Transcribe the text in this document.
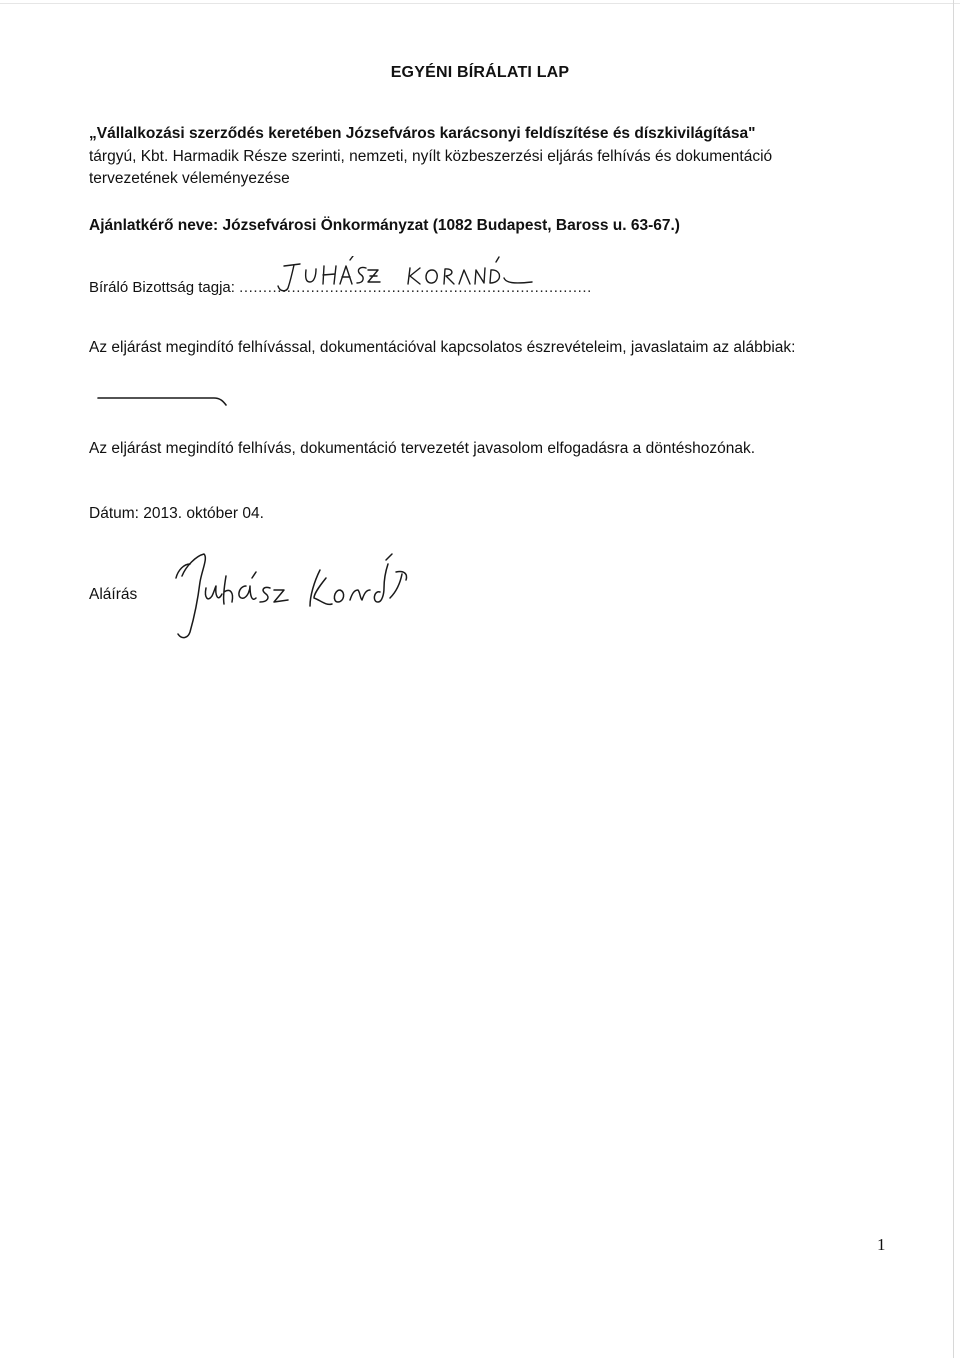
EGYÉNI BÍRÁLATI LAP

„Vállalkozási szerződés keretében Józsefváros karácsonyi feldíszítése és díszkivilágítása"

tárgyú, Kbt. Harmadik Része szerinti, nemzeti, nyílt közbeszerzési eljárás felhívás és dokumentáció

tervezetének véleményezése

Ajánlatkérő neve: Józsefvárosi Önkormányzat (1082 Budapest, Baross u. 63-67.)

Bíráló Bizottság tagja: ..........................................................................

Az eljárást megindító felhívással, dokumentációval kapcsolatos észrevételeim, javaslataim az alábbiak:

Az eljárást megindító felhívás, dokumentáció tervezetét javasolom elfogadásra a döntéshozónak.

Dátum: 2013. október 04.

Aláírás

1
